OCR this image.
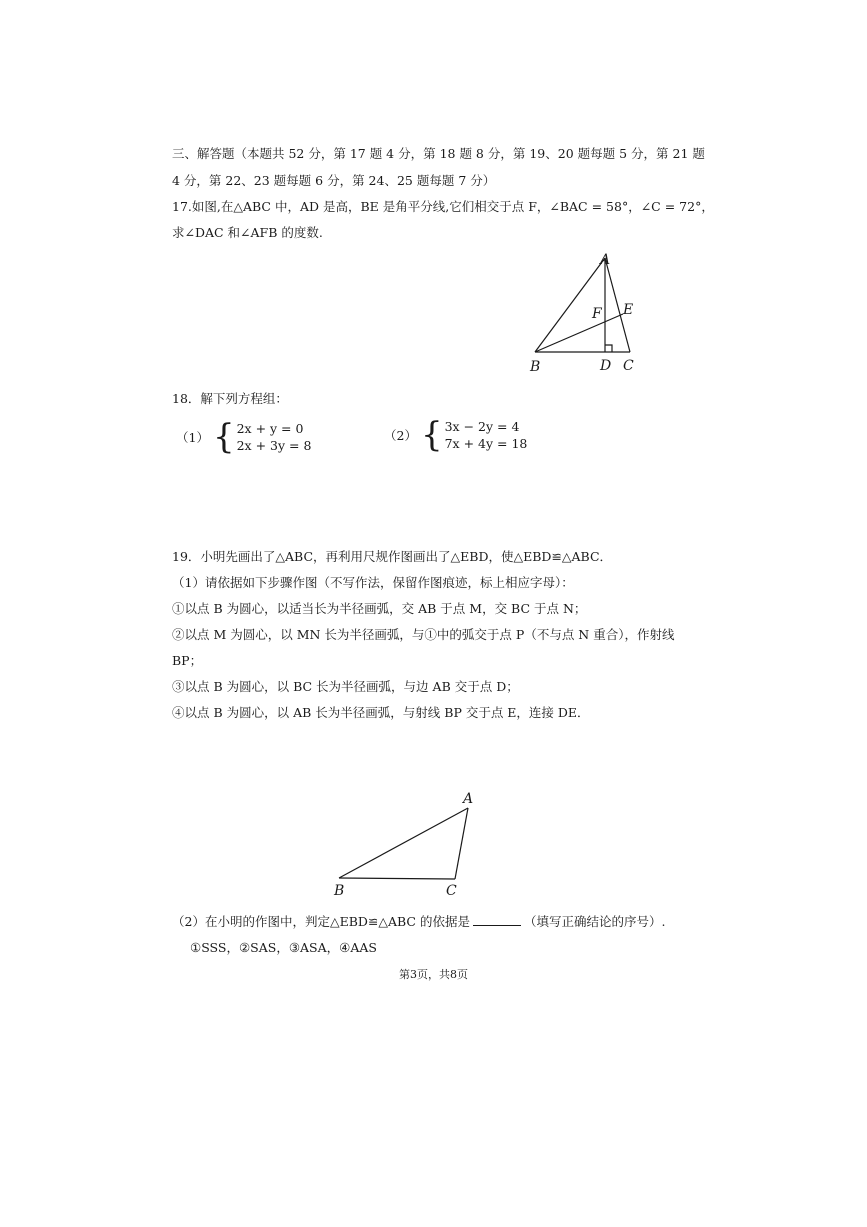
三、解答题（本题共 52 分，第 17 题 4 分，第 18 题 8 分，第 19、20 题每题 5 分，第 21 题
4 分，第 22、23 题每题 6 分，第 24、25 题每题 7 分）
17.如图,在△ABC 中，AD 是高，BE 是角平分线,它们相交于点 F，∠BAC = 58°，∠C = 72°，
求∠DAC 和∠AFB 的度数.
A
F E
B	D C
18．解下列方程组：
（1） { 2x + y = 0
2x + 3y = 8
（2） { 3x − 2y = 4
7x + 4y = 18
19．小明先画出了△ABC，再利用尺规作图画出了△EBD，使△EBD≌△ABC．
（1）请依据如下步骤作图（不写作法，保留作图痕迹，标上相应字母）：
①以点 B 为圆心，以适当长为半径画弧，交 AB 于点 M，交 BC 于点 N；
②以点 M 为圆心，以 MN 长为半径画弧，与①中的弧交于点 P（不与点 N 重合），作射线
BP；
③以点 B 为圆心，以 BC 长为半径画弧，与边 AB 交于点 D；
④以点 B 为圆心，以 AB 长为半径画弧，与射线 BP 交于点 E，连接 DE．
A
B	C
（2）在小明的作图中，判定△EBD≌△ABC 的依据是	（填写正确结论的序号）.
①SSS，②SAS，③ASA，④AAS
第3页，共8页
